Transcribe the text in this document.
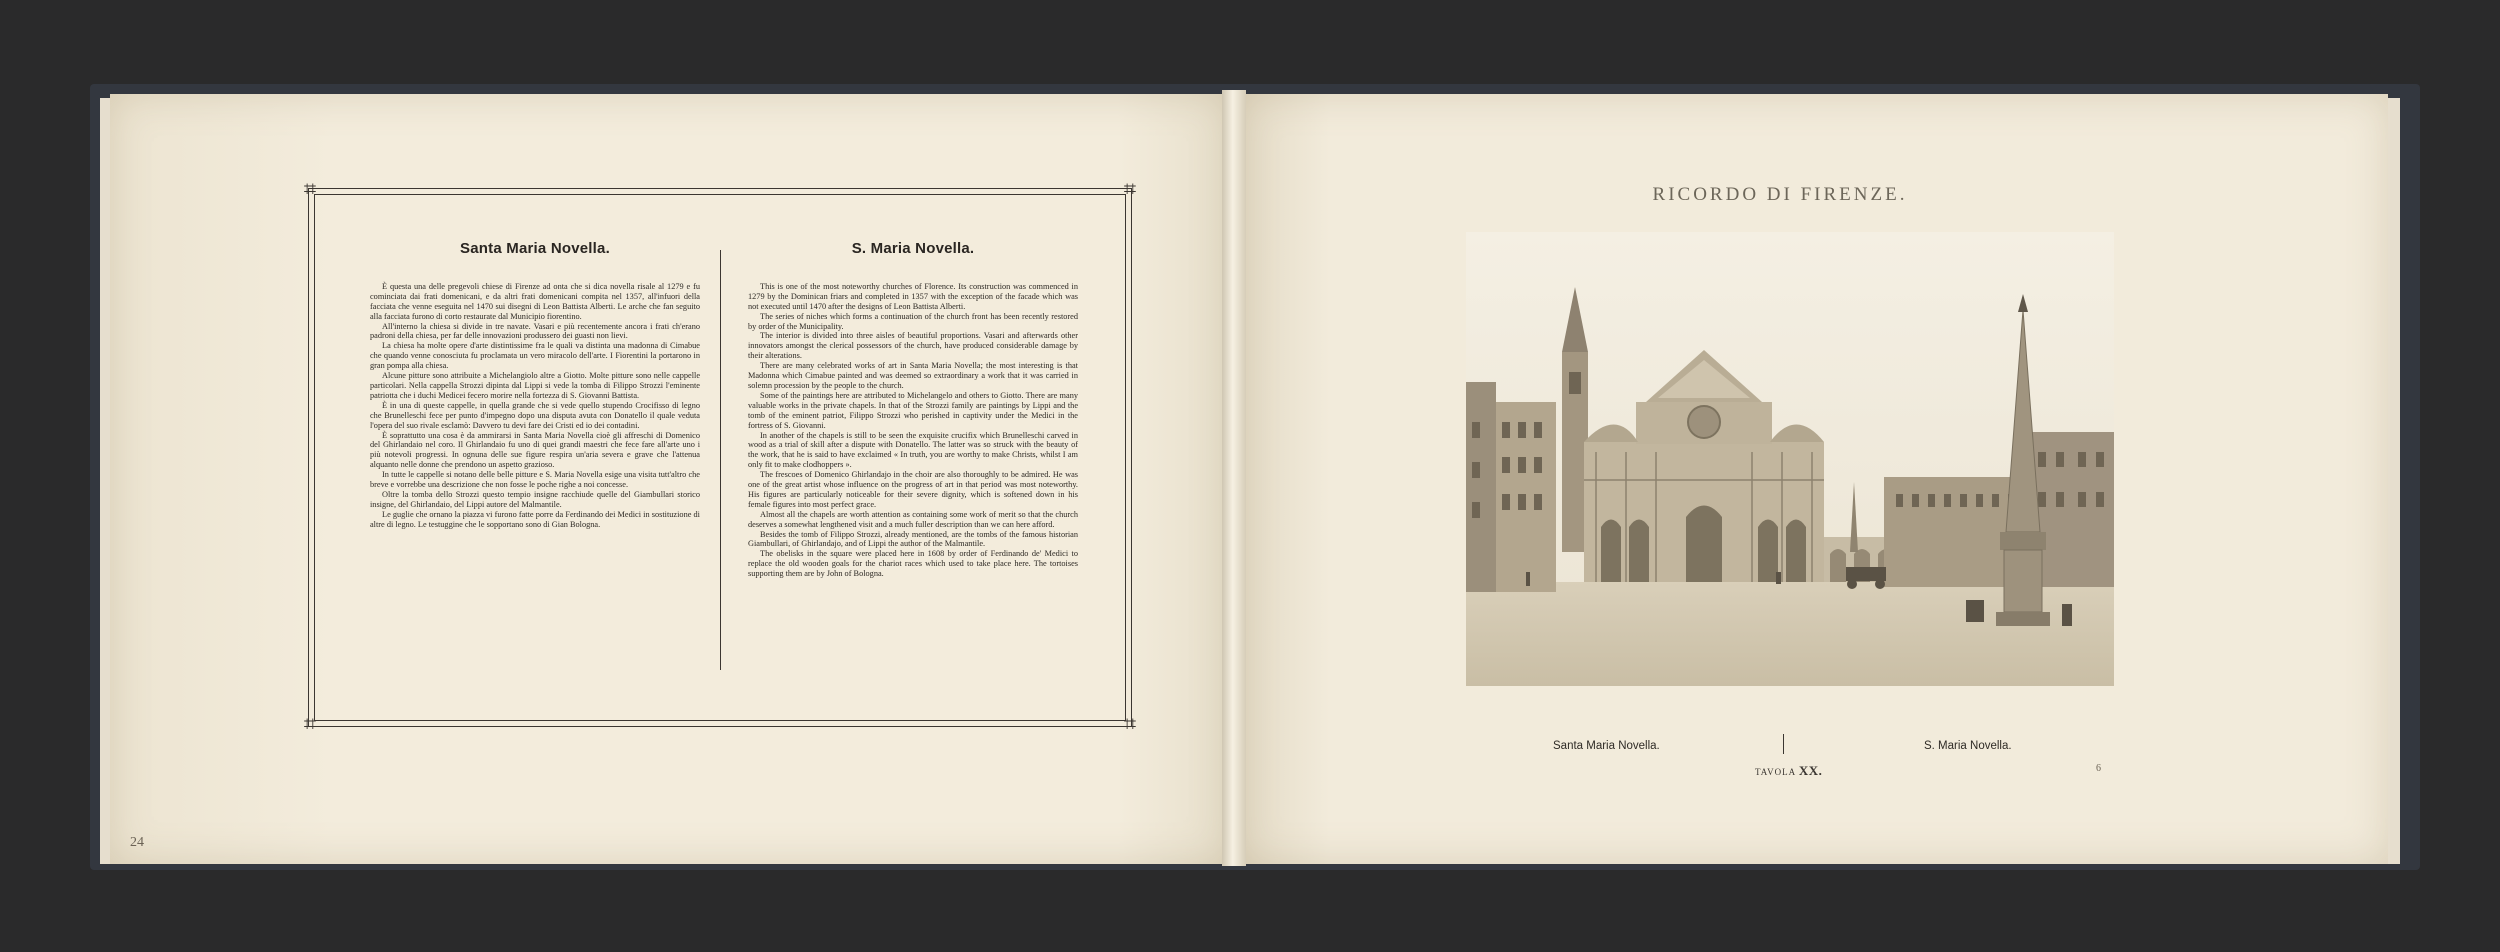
24
⌗	⌗
⌗	⌗
Santa Maria Novella.

È questa una delle pregevoli chiese di Firenze ad onta che si dica novella risale al 1279 e fu cominciata dai frati domenicani, e da altri frati domenicani compita nel 1357, all'infuori della facciata che venne eseguita nel 1470 sui disegni di Leon Battista Alberti. Le arche che fan seguito alla facciata furono di corto restaurate dal Municipio fiorentino.

All'interno la chiesa si divide in tre navate. Vasari e più recentemente ancora i frati ch'erano padroni della chiesa, per far delle innovazioni produssero dei guasti non lievi.

La chiesa ha molte opere d'arte distintissime fra le quali va distinta una madonna di Cimabue che quando venne conosciuta fu proclamata un vero miracolo dell'arte. I Fiorentini la portarono in gran pompa alla chiesa.

Alcune pitture sono attribuite a Michelangiolo altre a Giotto. Molte pitture sono nelle cappelle particolari. Nella cappella Strozzi dipinta dal Lippi si vede la tomba di Filippo Strozzi l'eminente patriotta che i duchi Medicei fecero morire nella fortezza di S. Giovanni Battista.

È in una di queste cappelle, in quella grande che si vede quello stupendo Crocifisso di legno che Brunelleschi fece per punto d'impegno dopo una disputa avuta con Donatello il quale veduta l'opera del suo rivale esclamò: Davvero tu devi fare dei Cristi ed io dei contadini.

È soprattutto una cosa è da ammirarsi in Santa Maria Novella cioè gli affreschi di Domenico del Ghirlandaio nel coro. Il Ghirlandaio fu uno di quei grandi maestri che fece fare all'arte uno i più notevoli progressi. In ognuna delle sue figure respira un'aria severa e grave che l'attenua alquanto nelle donne che prendono un aspetto grazioso.

In tutte le cappelle si notano delle belle pitture e S. Maria Novella esige una visita tutt'altro che breve e vorrebbe una descrizione che non fosse le poche righe a noi concesse.

Oltre la tomba dello Strozzi questo tempio insigne racchiude quelle del Giambullari storico insigne, del Ghirlandaio, del Lippi autore del Malmantile.

Le guglie che ornano la piazza vi furono fatte porre da Ferdinando dei Medici in sostituzione di altre di legno. Le testuggine che le sopportano sono di Gian Bologna.

S. Maria Novella.

This is one of the most noteworthy churches of Florence. Its construction was commenced in 1279 by the Dominican friars and completed in 1357 with the exception of the facade which was not executed until 1470 after the designs of Leon Battista Alberti.

The series of niches which forms a continuation of the church front has been recently restored by order of the Municipality.

The interior is divided into three aisles of beautiful proportions. Vasari and afterwards other innovators amongst the clerical possessors of the church, have produced considerable damage by their alterations.

There are many celebrated works of art in Santa Maria Novella; the most interesting is that Madonna which Cimabue painted and was deemed so extraordinary a work that it was carried in solemn procession by the people to the church.

Some of the paintings here are attributed to Michelangelo and others to Giotto. There are many valuable works in the private chapels. In that of the Strozzi family are paintings by Lippi and the tomb of the eminent patriot, Filippo Strozzi who perished in captivity under the Medici in the fortress of S. Giovanni.

In another of the chapels is still to be seen the exquisite crucifix which Brunelleschi carved in wood as a trial of skill after a dispute with Donatello. The latter was so struck with the beauty of the work, that he is said to have exclaimed « In truth, you are worthy to make Christs, whilst I am only fit to make clodhoppers ».

The frescoes of Domenico Ghirlandajo in the choir are also thoroughly to be admired. He was one of the great artist whose influence on the progress of art in that period was most noteworthy. His figures are particularly noticeable for their severe dignity, which is softened down in his female figures into most perfect grace.

Almost all the chapels are worth attention as containing some work of merit so that the church deserves a somewhat lengthened visit and a much fuller description than we can here afford.

Besides the tomb of Filippo Strozzi, already mentioned, are the tombs of the famous historian Giambullari, of Ghirlandajo, and of Lippi the author of the Malmantile.

The obelisks in the square were placed here in 1608 by order of Ferdinando de' Medici to replace the old wooden goals for the chariot races which used to take place here. The tortoises supporting them are by John of Bologna.

RICORDO DI FIRENZE.
Santa Maria Novella.	S. Maria Novella.
TAVOLA XX.	6
